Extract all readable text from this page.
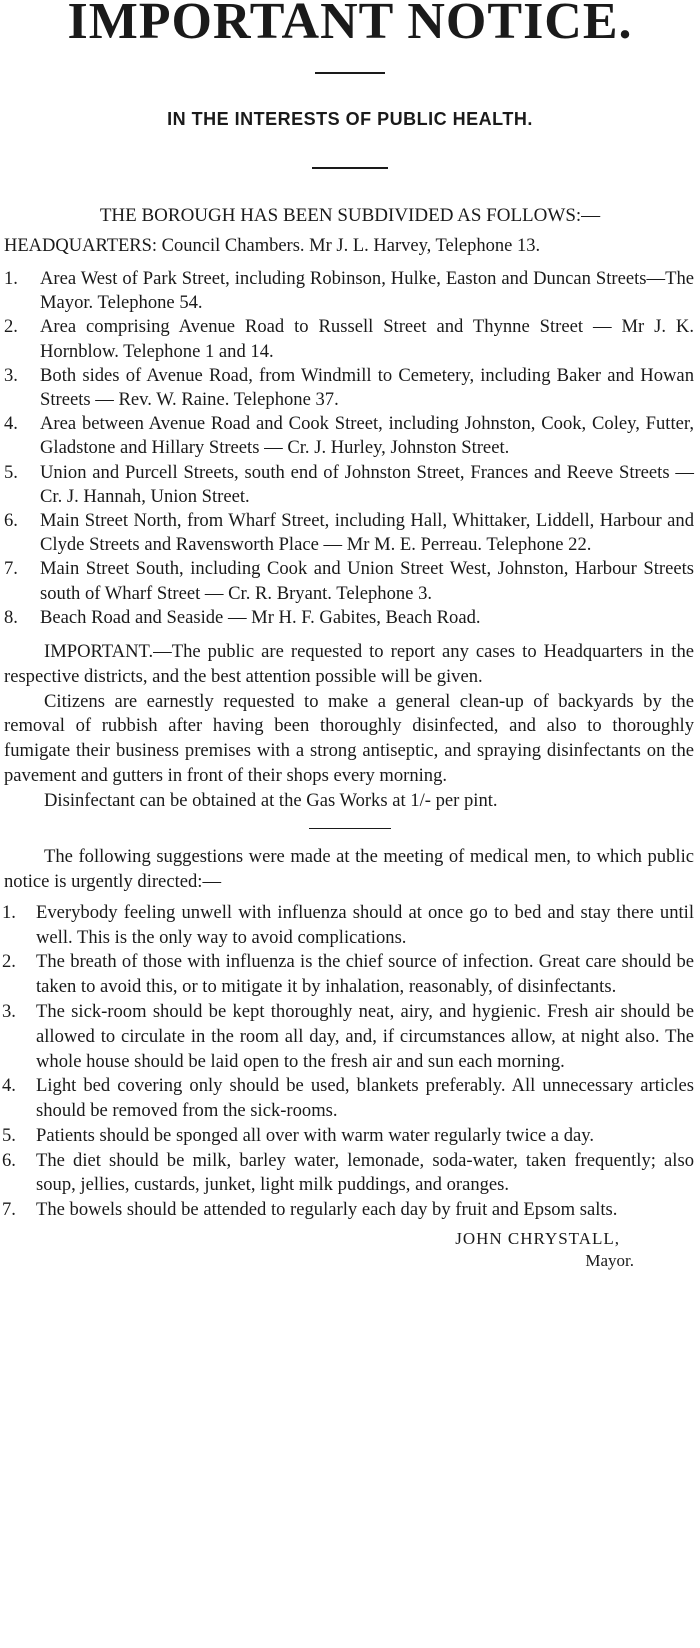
IMPORTANT NOTICE.
IN THE INTERESTS OF PUBLIC HEALTH.
THE BOROUGH HAS BEEN SUBDIVIDED AS FOLLOWS:—
HEADQUARTERS: Council Chambers. Mr J. L. Harvey, Telephone 13.
1. Area West of Park Street, including Robinson, Hulke, Easton and Duncan Streets—The Mayor. Telephone 54.
2. Area comprising Avenue Road to Russell Street and Thynne Street — Mr J. K. Hornblow. Telephone 1 and 14.
3. Both sides of Avenue Road, from Windmill to Cemetery, including Baker and Howan Streets — Rev. W. Raine. Telephone 37.
4. Area between Avenue Road and Cook Street, including Johnston, Cook, Coley, Futter, Gladstone and Hillary Streets — Cr. J. Hurley, Johnston Street.
5. Union and Purcell Streets, south end of Johnston Street, Frances and Reeve Streets — Cr. J. Hannah, Union Street.
6. Main Street North, from Wharf Street, including Hall, Whittaker, Liddell, Harbour and Clyde Streets and Ravensworth Place — Mr M. E. Perreau. Telephone 22.
7. Main Street South, including Cook and Union Street West, Johnston, Harbour Streets south of Wharf Street — Cr. R. Bryant. Telephone 3.
8. Beach Road and Seaside — Mr H. F. Gabites, Beach Road.

IMPORTANT.—The public are requested to report any cases to Headquarters in the respective districts, and the best attention possible will be given.

Citizens are earnestly requested to make a general clean-up of backyards by the removal of rubbish after having been thoroughly disinfected, and also to thoroughly fumigate their business premises with a strong antiseptic, and spraying disinfectants on the pavement and gutters in front of their shops every morning.

Disinfectant can be obtained at the Gas Works at 1/- per pint.

The following suggestions were made at the meeting of medical men, to which public notice is urgently directed:—

1. Everybody feeling unwell with influenza should at once go to bed and stay there until well. This is the only way to avoid complications.
2. The breath of those with influenza is the chief source of infection. Great care should be taken to avoid this, or to mitigate it by inhalation, reasonably, of disinfectants.
3. The sick-room should be kept thoroughly neat, airy, and hygienic. Fresh air should be allowed to circulate in the room all day, and, if circumstances allow, at night also. The whole house should be laid open to the fresh air and sun each morning.
4. Light bed covering only should be used, blankets preferably. All unnecessary articles should be removed from the sick-rooms.
5. Patients should be sponged all over with warm water regularly twice a day.
6. The diet should be milk, barley water, lemonade, soda-water, taken frequently; also soup, jellies, custards, junket, light milk puddings, and oranges.
7. The bowels should be attended to regularly each day by fruit and Epsom salts.
JOHN CHRYSTALL,
Mayor.
